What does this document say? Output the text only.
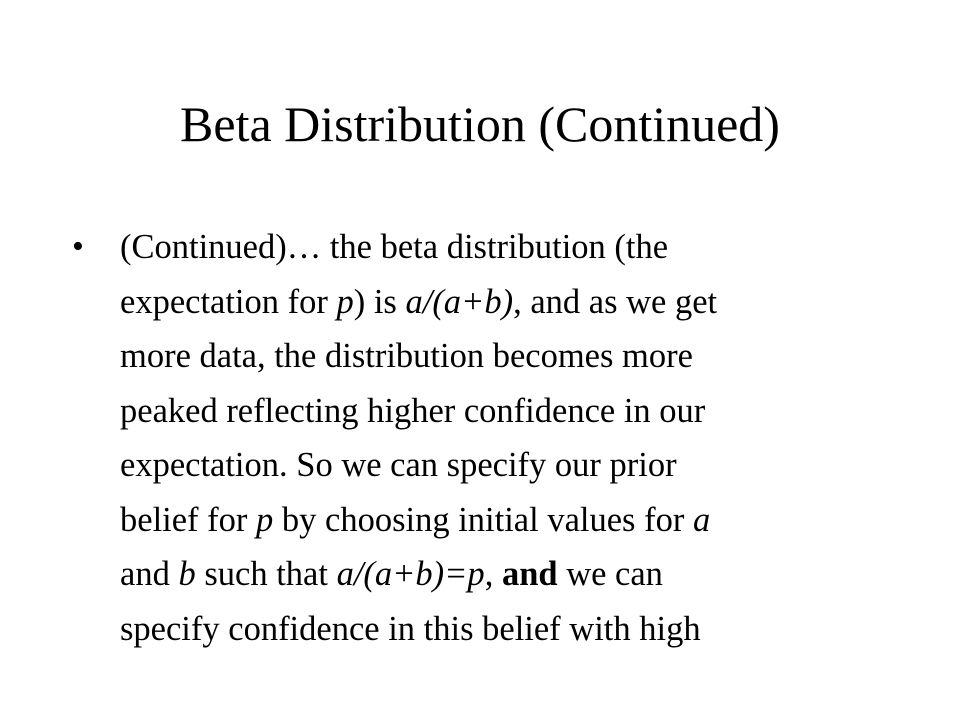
Beta Distribution (Continued)
• (Continued)… the beta distribution (the
expectation for p) is a/(a+b), and as we get
more data, the distribution becomes more
peaked reflecting higher confidence in our
expectation. So we can specify our prior
belief for p by choosing initial values for a
and b such that a/(a+b)=p, and we can
specify confidence in this belief with high
